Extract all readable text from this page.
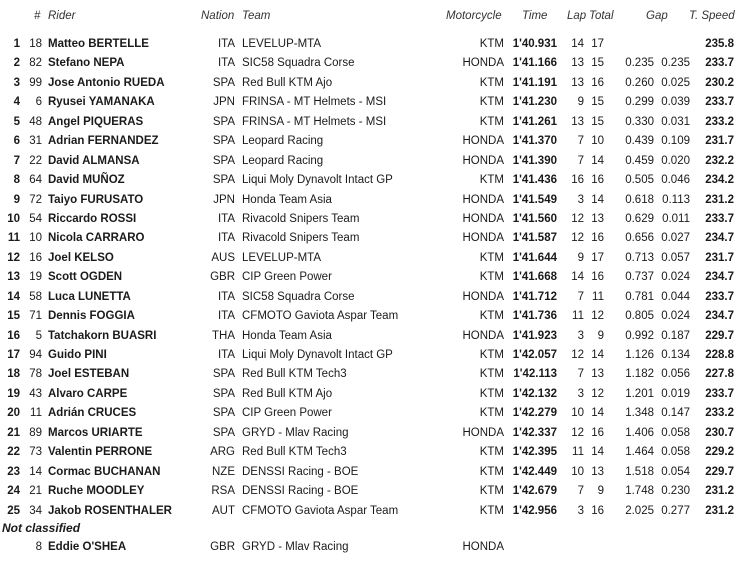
# Rider	Nation Team	Motorcycle Time Lap Total	Gap T. Speed
1 18 Matteo BERTELLE	ITA LEVELUP-MTA	KTM 1'40.931	14 17	235.8
2 82 Stefano NEPA	ITA SIC58 Squadra Corse	HONDA 1'41.166	13 15	0.235 0.235	233.7
3 99 Jose Antonio RUEDA	SPA Red Bull KTM Ajo	KTM 1'41.191	13 16	0.260 0.025	230.2
4	6 Ryusei YAMANAKA	JPN FRINSA - MT Helmets - MSI	KTM 1'41.230	9 15	0.299 0.039	233.7
5 48 Angel PIQUERAS	SPA FRINSA - MT Helmets - MSI	KTM 1'41.261	13 15	0.330 0.031	233.2
6 31 Adrian FERNANDEZ	SPA Leopard Racing	HONDA 1'41.370	7 10	0.439 0.109	231.7
7 22 David ALMANSA	SPA Leopard Racing	HONDA 1'41.390	7 14	0.459 0.020	232.2
8 64 David MUÑOZ	SPA Liqui Moly Dynavolt Intact GP	KTM 1'41.436	16 16	0.505 0.046	234.2
9 72 Taiyo FURUSATO	JPN Honda Team Asia	HONDA 1'41.549	3 14	0.618 0.113	231.2
10 54 Riccardo ROSSI	ITA Rivacold Snipers Team	HONDA 1'41.560	12 13	0.629 0.011	233.7
11 10 Nicola CARRARO	ITA Rivacold Snipers Team	HONDA 1'41.587	12 16	0.656 0.027	234.7
12 16 Joel KELSO	AUS LEVELUP-MTA	KTM 1'41.644	9 17	0.713 0.057	231.7
13 19 Scott OGDEN	GBR CIP Green Power	KTM 1'41.668	14 16	0.737 0.024	234.7
14 58 Luca LUNETTA	ITA SIC58 Squadra Corse	HONDA 1'41.712	7 11	0.781 0.044	233.7
15 71 Dennis FOGGIA	ITA CFMOTO Gaviota Aspar Team	KTM 1'41.736	11 12	0.805 0.024	234.7
16	5 Tatchakorn BUASRI	THA Honda Team Asia	HONDA 1'41.923	3	9	0.992 0.187	229.7
17 94 Guido PINI	ITA Liqui Moly Dynavolt Intact GP	KTM 1'42.057	12 14	1.126 0.134	228.8
18 78 Joel ESTEBAN	SPA Red Bull KTM Tech3	KTM 1'42.113	7 13	1.182 0.056	227.8
19 43 Alvaro CARPE	SPA Red Bull KTM Ajo	KTM 1'42.132	3 12	1.201 0.019	233.7
20 11 Adrián CRUCES	SPA CIP Green Power	KTM 1'42.279	10 14	1.348 0.147	233.2
21 89 Marcos URIARTE	SPA GRYD - Mlav Racing	HONDA 1'42.337	12 16	1.406 0.058	230.7
22 73 Valentin PERRONE	ARG Red Bull KTM Tech3	KTM 1'42.395	11 14	1.464 0.058	229.2
23 14 Cormac BUCHANAN	NZE DENSSI Racing - BOE	KTM 1'42.449	10 13	1.518 0.054	229.7
24 21 Ruche MOODLEY	RSA DENSSI Racing - BOE	KTM 1'42.679	7	9	1.748 0.230	231.2
25 34 Jakob ROSENTHALER	AUT CFMOTO Gaviota Aspar Team	KTM 1'42.956	3 16	2.025 0.277	231.2
Not classified
8 Eddie O'SHEA	GBR GRYD - Mlav Racing	HONDA
